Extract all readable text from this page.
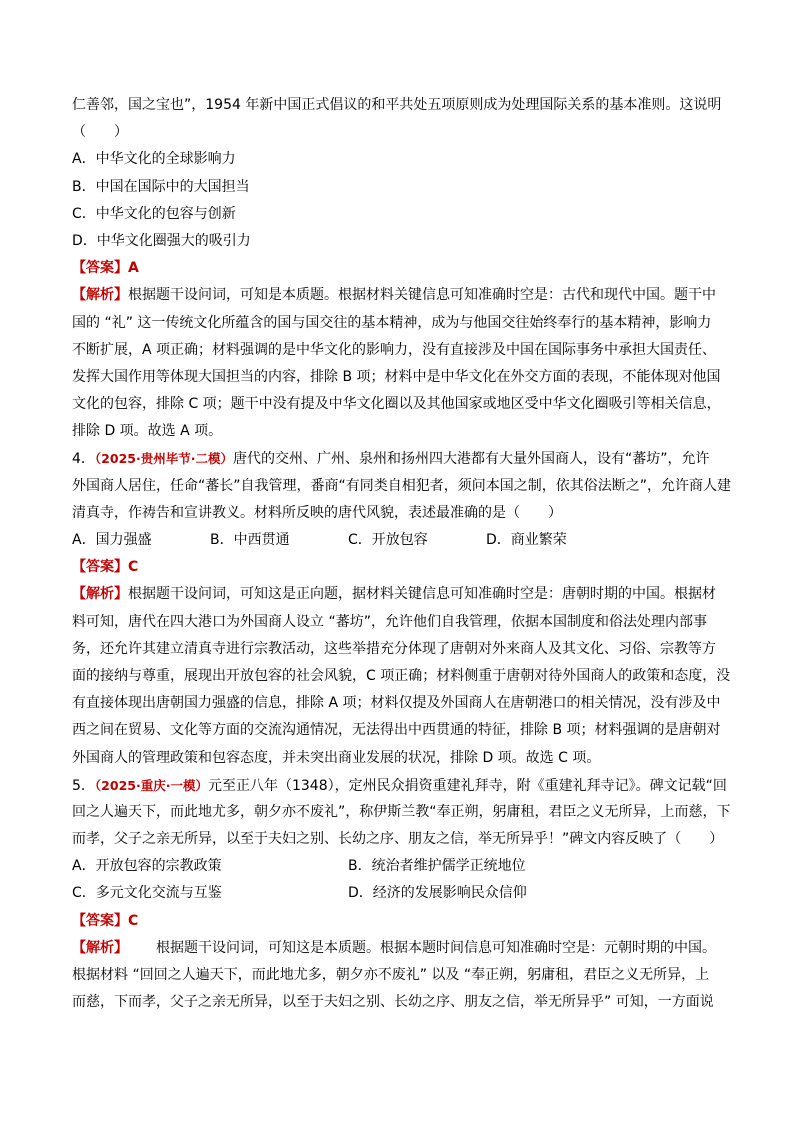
仁善邻，国之宝也”，1954 年新中国正式倡议的和平共处五项原则成为处理国际关系的基本准则。这说明
（　　）
A．中华文化的全球影响力
B．中国在国际中的大国担当
C．中华文化的包容与创新
D．中华文化圈强大的吸引力
【答案】A
【解析】根据题干设问词，可知是本质题。根据材料关键信息可知准确时空是：古代和现代中国。题干中
国的 “礼” 这一传统文化所蕴含的国与国交往的基本精神，成为与他国交往始终奉行的基本精神，影响力
不断扩展，A 项正确；材料强调的是中华文化的影响力，没有直接涉及中国在国际事务中承担大国责任、
发挥大国作用等体现大国担当的内容，排除 B 项；材料中是中华文化在外交方面的表现，不能体现对他国
文化的包容，排除 C 项；题干中没有提及中华文化圈以及其他国家或地区受中华文化圈吸引等相关信息，
排除 D 项。故选 A 项。
4．（2025·贵州毕节·二模）唐代的交州、广州、泉州和扬州四大港都有大量外国商人，设有“蕃坊”，允许
外国商人居住，任命“蕃长”自我管理，番商“有同类自相犯者，须问本国之制，依其俗法断之”，允许商人建
清真寺，作祷告和宣讲教义。材料所反映的唐代风貌，表述最准确的是（　　）
A．国力强盛	B．中西贯通	C．开放包容	D．商业繁荣
【答案】C
【解析】根据题干设问词，可知这是正向题，据材料关键信息可知准确时空是：唐朝时期的中国。根据材
料可知，唐代在四大港口为外国商人设立 “蕃坊”，允许他们自我管理，依据本国制度和俗法处理内部事
务，还允许其建立清真寺进行宗教活动，这些举措充分体现了唐朝对外来商人及其文化、习俗、宗教等方
面的接纳与尊重，展现出开放包容的社会风貌，C 项正确；材料侧重于唐朝对待外国商人的政策和态度，没
有直接体现出唐朝国力强盛的信息，排除 A 项；材料仅提及外国商人在唐朝港口的相关情况，没有涉及中
西之间在贸易、文化等方面的交流沟通情况，无法得出中西贯通的特征，排除 B 项；材料强调的是唐朝对
外国商人的管理政策和包容态度，并未突出商业发展的状况，排除 D 项。故选 C 项。
5．（2025·重庆·一模）元至正八年（1348），定州民众捐资重建礼拜寺，附《重建礼拜寺记》。碑文记载“回
回之人遍天下，而此地尤多，朝夕亦不废礼”，称伊斯兰教“奉正朔，躬庸租，君臣之义无所异，上而慈，下
而孝，父子之亲无所异，以至于夫妇之别、长幼之序、朋友之信，举无所异乎！”碑文内容反映了（　　）
A．开放包容的宗教政策	B．统治者维护儒学正统地位
C．多元文化交流与互鉴	D．经济的发展影响民众信仰
【答案】C
【解析】 根据题干设问词，可知这是本质题。根据本题时间信息可知准确时空是：元朝时期的中国。
根据材料 “回回之人遍天下，而此地尤多，朝夕亦不废礼” 以及 “奉正朔，躬庸租，君臣之义无所异，上
而慈，下而孝，父子之亲无所异，以至于夫妇之别、长幼之序、朋友之信，举无所异乎” 可知，一方面说
